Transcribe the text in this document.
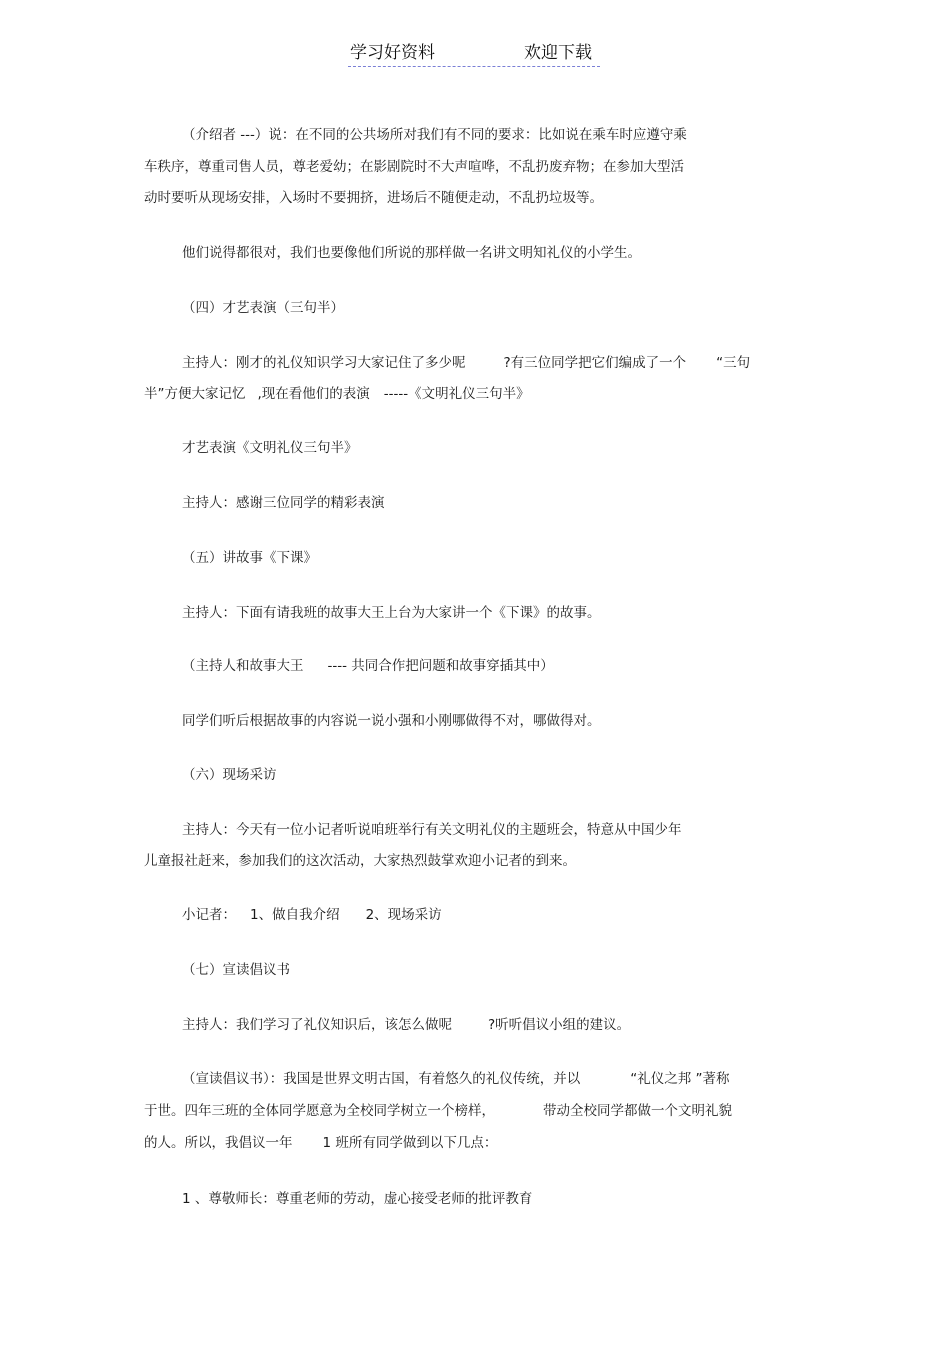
学习好资料	欢迎下载
（介绍者 ---）说：在不同的公共场所对我们有不同的要求：比如说在乘车时应遵守乘
车秩序，尊重司售人员，尊老爱幼；在影剧院时不大声喧哗，不乱扔废弃物；在参加大型活
动时要听从现场安排，入场时不要拥挤，进场后不随便走动，不乱扔垃圾等。
他们说得都很对，我们也要像他们所说的那样做一名讲文明知礼仪的小学生。
（四）才艺表演（三句半）
主持人：刚才的礼仪知识学习大家记住了多少呢	?有三位同学把它们编成了一个 “三句
半”方便大家记忆 ,现在看他们的表演 -----《文明礼仪三句半》
才艺表演《文明礼仪三句半》
主持人：感谢三位同学的精彩表演
（五）讲故事《下课》
主持人：下面有请我班的故事大王上台为大家讲一个《下课》的故事。
（主持人和故事大王 ---- 共同合作把问题和故事穿插其中）
同学们听后根据故事的内容说一说小强和小刚哪做得不对，哪做得对。
（六）现场采访
主持人：今天有一位小记者听说咱班举行有关文明礼仪的主题班会，特意从中国少年
儿童报社赶来，参加我们的这次活动，大家热烈鼓掌欢迎小记者的到来。
小记者： 1、做自我介绍 2、现场采访
（七）宣读倡议书
主持人：我们学习了礼仪知识后，该怎么做呢	?听听倡议小组的建议。
（宣读倡议书）：我国是世界文明古国，有着悠久的礼仪传统，并以	“礼仪之邦 ”著称
于世。四年三班的全体同学愿意为全校同学树立一个榜样，	带动全校同学都做一个文明礼貌
的人。所以，我倡议一年 1 班所有同学做到以下几点：
1 、尊敬师长：尊重老师的劳动，虚心接受老师的批评教育
